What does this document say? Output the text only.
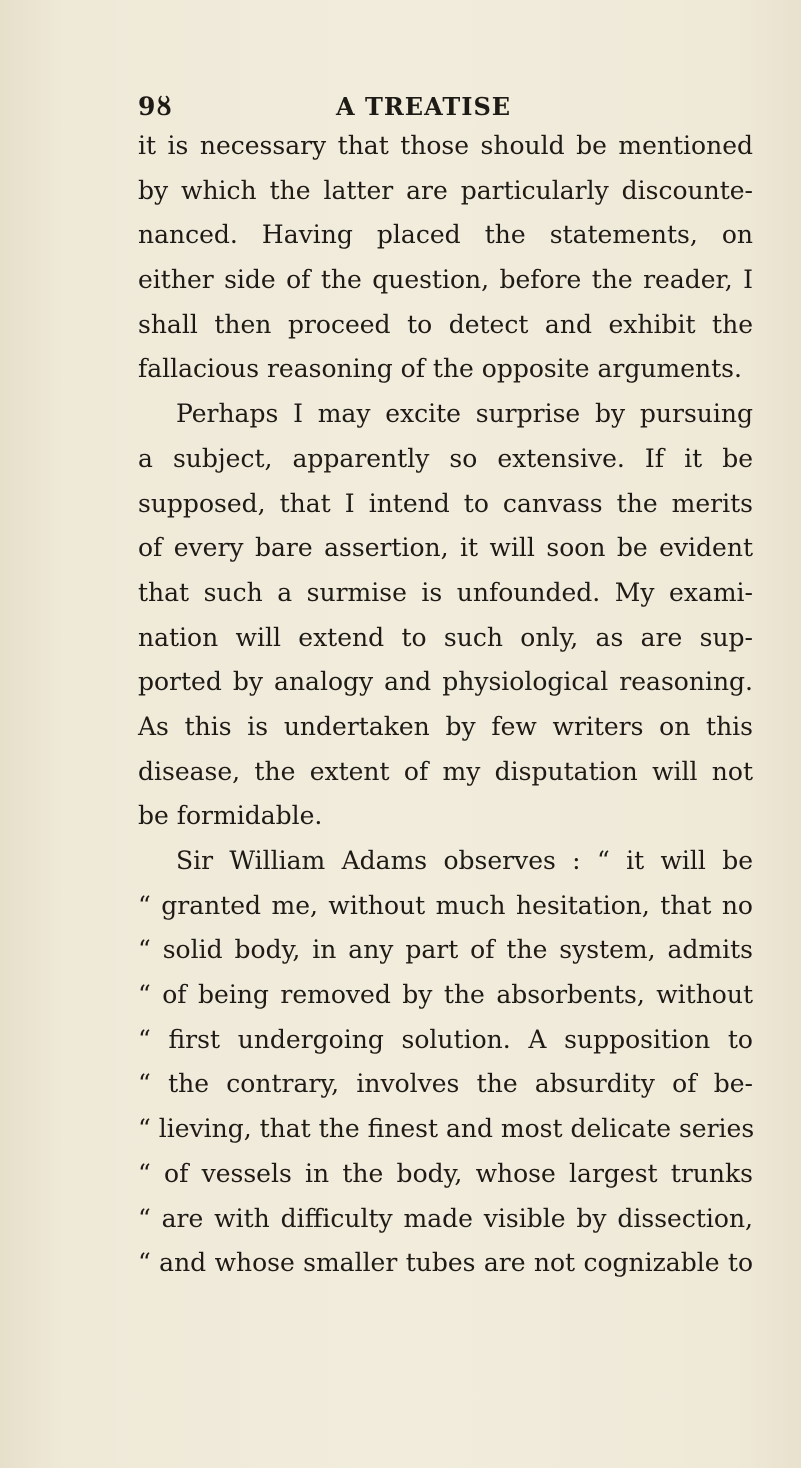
9ȣ	A TREATISE
it is necessary that those should be mentioned
by which the latter are particularly discounte-
nanced. Having placed the statements, on
either side of the question, before the reader, I
shall then proceed to detect and exhibit the
fallacious reasoning of the opposite arguments.
Perhaps I may excite surprise by pursuing
a subject, apparently so extensive. If it be
supposed, that I intend to canvass the merits
of every bare assertion, it will soon be evident
that such a surmise is unfounded. My exami-
nation will extend to such only, as are sup-
ported by analogy and physiological reasoning.
As this is undertaken by few writers on this
disease, the extent of my disputation will not
be formidable.
Sir William Adams observes : “ it will be
“ granted me, without much hesitation, that no
“ solid body, in any part of the system, admits
“ of being removed by the absorbents, without
“ first undergoing solution. A supposition to
“ the contrary, involves the absurdity of be-
“ lieving, that the finest and most delicate series
“ of vessels in the body, whose largest trunks
“ are with difficulty made visible by dissection,
“ and whose smaller tubes are not cognizable to
